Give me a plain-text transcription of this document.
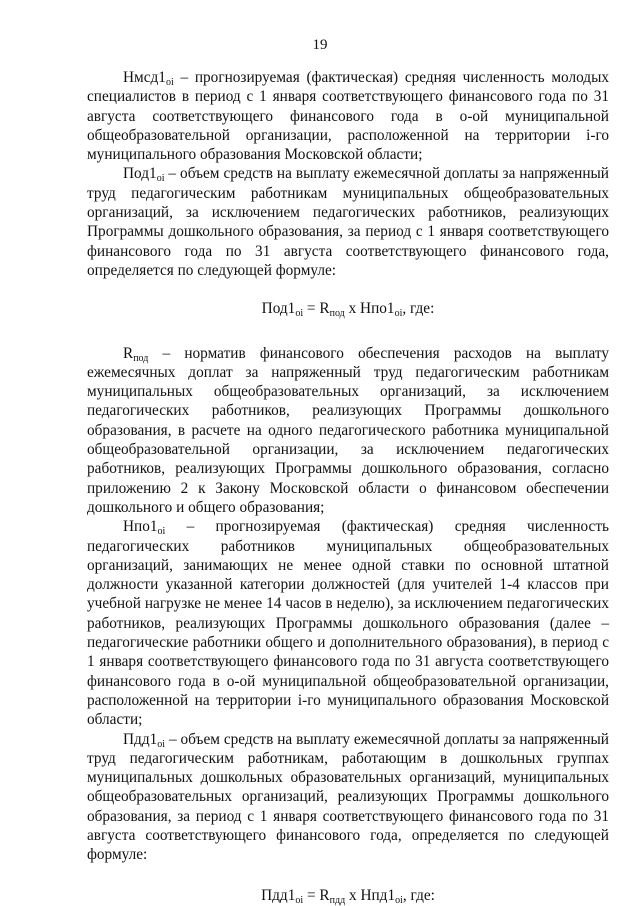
19

$Нмсд1_{oi}$ – прогнозируемая (фактическая) средняя численность молодых специалистов в период с 1 января соответствующего финансового года по 31 августа соответствующего финансового года в о-ой муниципальной общеобразовательной организации, расположенной на территории i-го муниципального образования Московской области;

$Под1_{oi}$ – объем средств на выплату ежемесячной доплаты за напряженный труд педагогическим работникам муниципальных общеобразовательных организаций, за исключением педагогических работников, реализующих Программы дошкольного образования, за период с 1 января соответствующего финансового года по 31 августа соответствующего финансового года, определяется по следующей формуле:

$Под1_{oi} = R_{под}$ x $Нпо1_{oi}$, где:

$R_{под}$ – норматив финансового обеспечения расходов на выплату ежемесячных доплат за напряженный труд педагогическим работникам муниципальных общеобразовательных организаций, за исключением педагогических работников, реализующих Программы дошкольного образования, в расчете на одного педагогического работника муниципальной общеобразовательной организации, за исключением педагогических работников, реализующих Программы дошкольного образования, согласно приложению 2 к Закону Московской области о финансовом обеспечении дошкольного и общего образования;

$Нпо1_{oi}$ – прогнозируемая (фактическая) средняя численность педагогических работников муниципальных общеобразовательных организаций, занимающих не менее одной ставки по основной штатной должности указанной категории должностей (для учителей 1-4 классов при учебной нагрузке не менее 14 часов в неделю), за исключением педагогических работников, реализующих Программы дошкольного образования (далее – педагогические работники общего и дополнительного образования), в период с 1 января соответствующего финансового года по 31 августа соответствующего финансового года в о-ой муниципальной общеобразовательной организации, расположенной на территории i-го муниципального образования Московской области;

$Пдд1_{oi}$ – объем средств на выплату ежемесячной доплаты за напряженный труд педагогическим работникам, работающим в дошкольных группах муниципальных дошкольных образовательных организаций, муниципальных общеобразовательных организаций, реализующих Программы дошкольного образования, за период с 1 января соответствующего финансового года по 31 августа соответствующего финансового года, определяется по следующей формуле:

$Пдд1_{oi} = R_{пдд}$ x $Нпд1_{oi}$, где:
